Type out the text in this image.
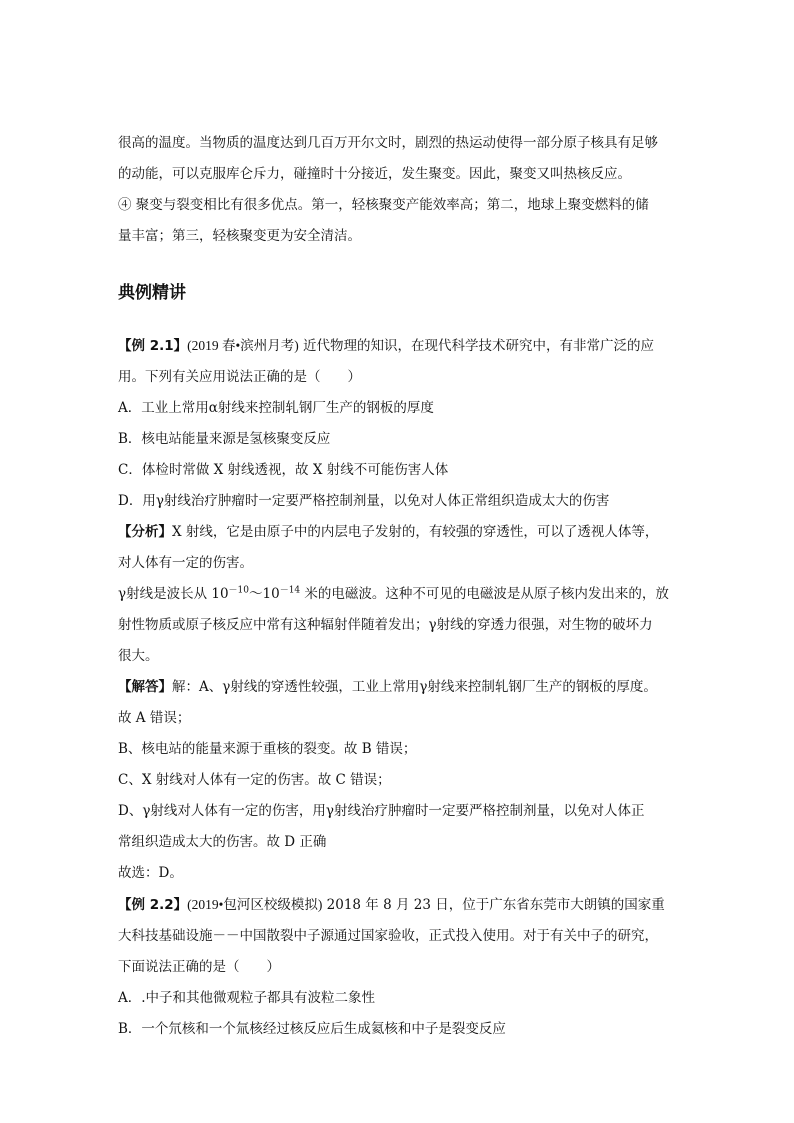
很高的温度。当物质的温度达到几百万开尔文时，剧烈的热运动使得一部分原子核具有足够

的动能，可以克服库仑斥力，碰撞时十分接近，发生聚变。因此，聚变又叫热核反应。

④ 聚变与裂变相比有很多优点。第一，轻核聚变产能效率高；第二，地球上聚变燃料的储

量丰富；第三，轻核聚变更为安全清洁。

典例精讲

【例 2.1】(2019 春•滨州月考) 近代物理的知识，在现代科学技术研究中，有非常广泛的应

用。下列有关应用说法正确的是（　　）

A．工业上常用α射线来控制轧钢厂生产的钢板的厚度

B．核电站能量来源是氢核聚变反应

C．体检时常做 X 射线透视，故 X 射线不可能伤害人体

D．用γ射线治疗肿瘤时一定要严格控制剂量，以免对人体正常组织造成太大的伤害

【分析】X 射线，它是由原子中的内层电子发射的，有较强的穿透性，可以了透视人体等，

对人体有一定的伤害。

γ射线是波长从 $10^{-10}\sim 10^{-14}$ 米的电磁波。这种不可见的电磁波是从原子核内发出来的，放

射性物质或原子核反应中常有这种辐射伴随着发出；γ射线的穿透力很强，对生物的破坏力

很大。

【解答】解：A、γ射线的穿透性较强，工业上常用γ射线来控制轧钢厂生产的钢板的厚度。

故 A 错误；

B、核电站的能量来源于重核的裂变。故 B 错误；

C、X 射线对人体有一定的伤害。故 C 错误；

D、γ射线对人体有一定的伤害，用γ射线治疗肿瘤时一定要严格控制剂量，以免对人体正

常组织造成太大的伤害。故 D 正确

故选：D。

【例 2.2】(2019•包河区校级模拟) 2018 年 8 月 23 日，位于广东省东莞市大朗镇的国家重

大科技基础设施－－中国散裂中子源通过国家验收，正式投入使用。对于有关中子的研究，

下面说法正确的是（　　）

A．.中子和其他微观粒子都具有波粒二象性

B．一个氘核和一个氚核经过核反应后生成氦核和中子是裂变反应
